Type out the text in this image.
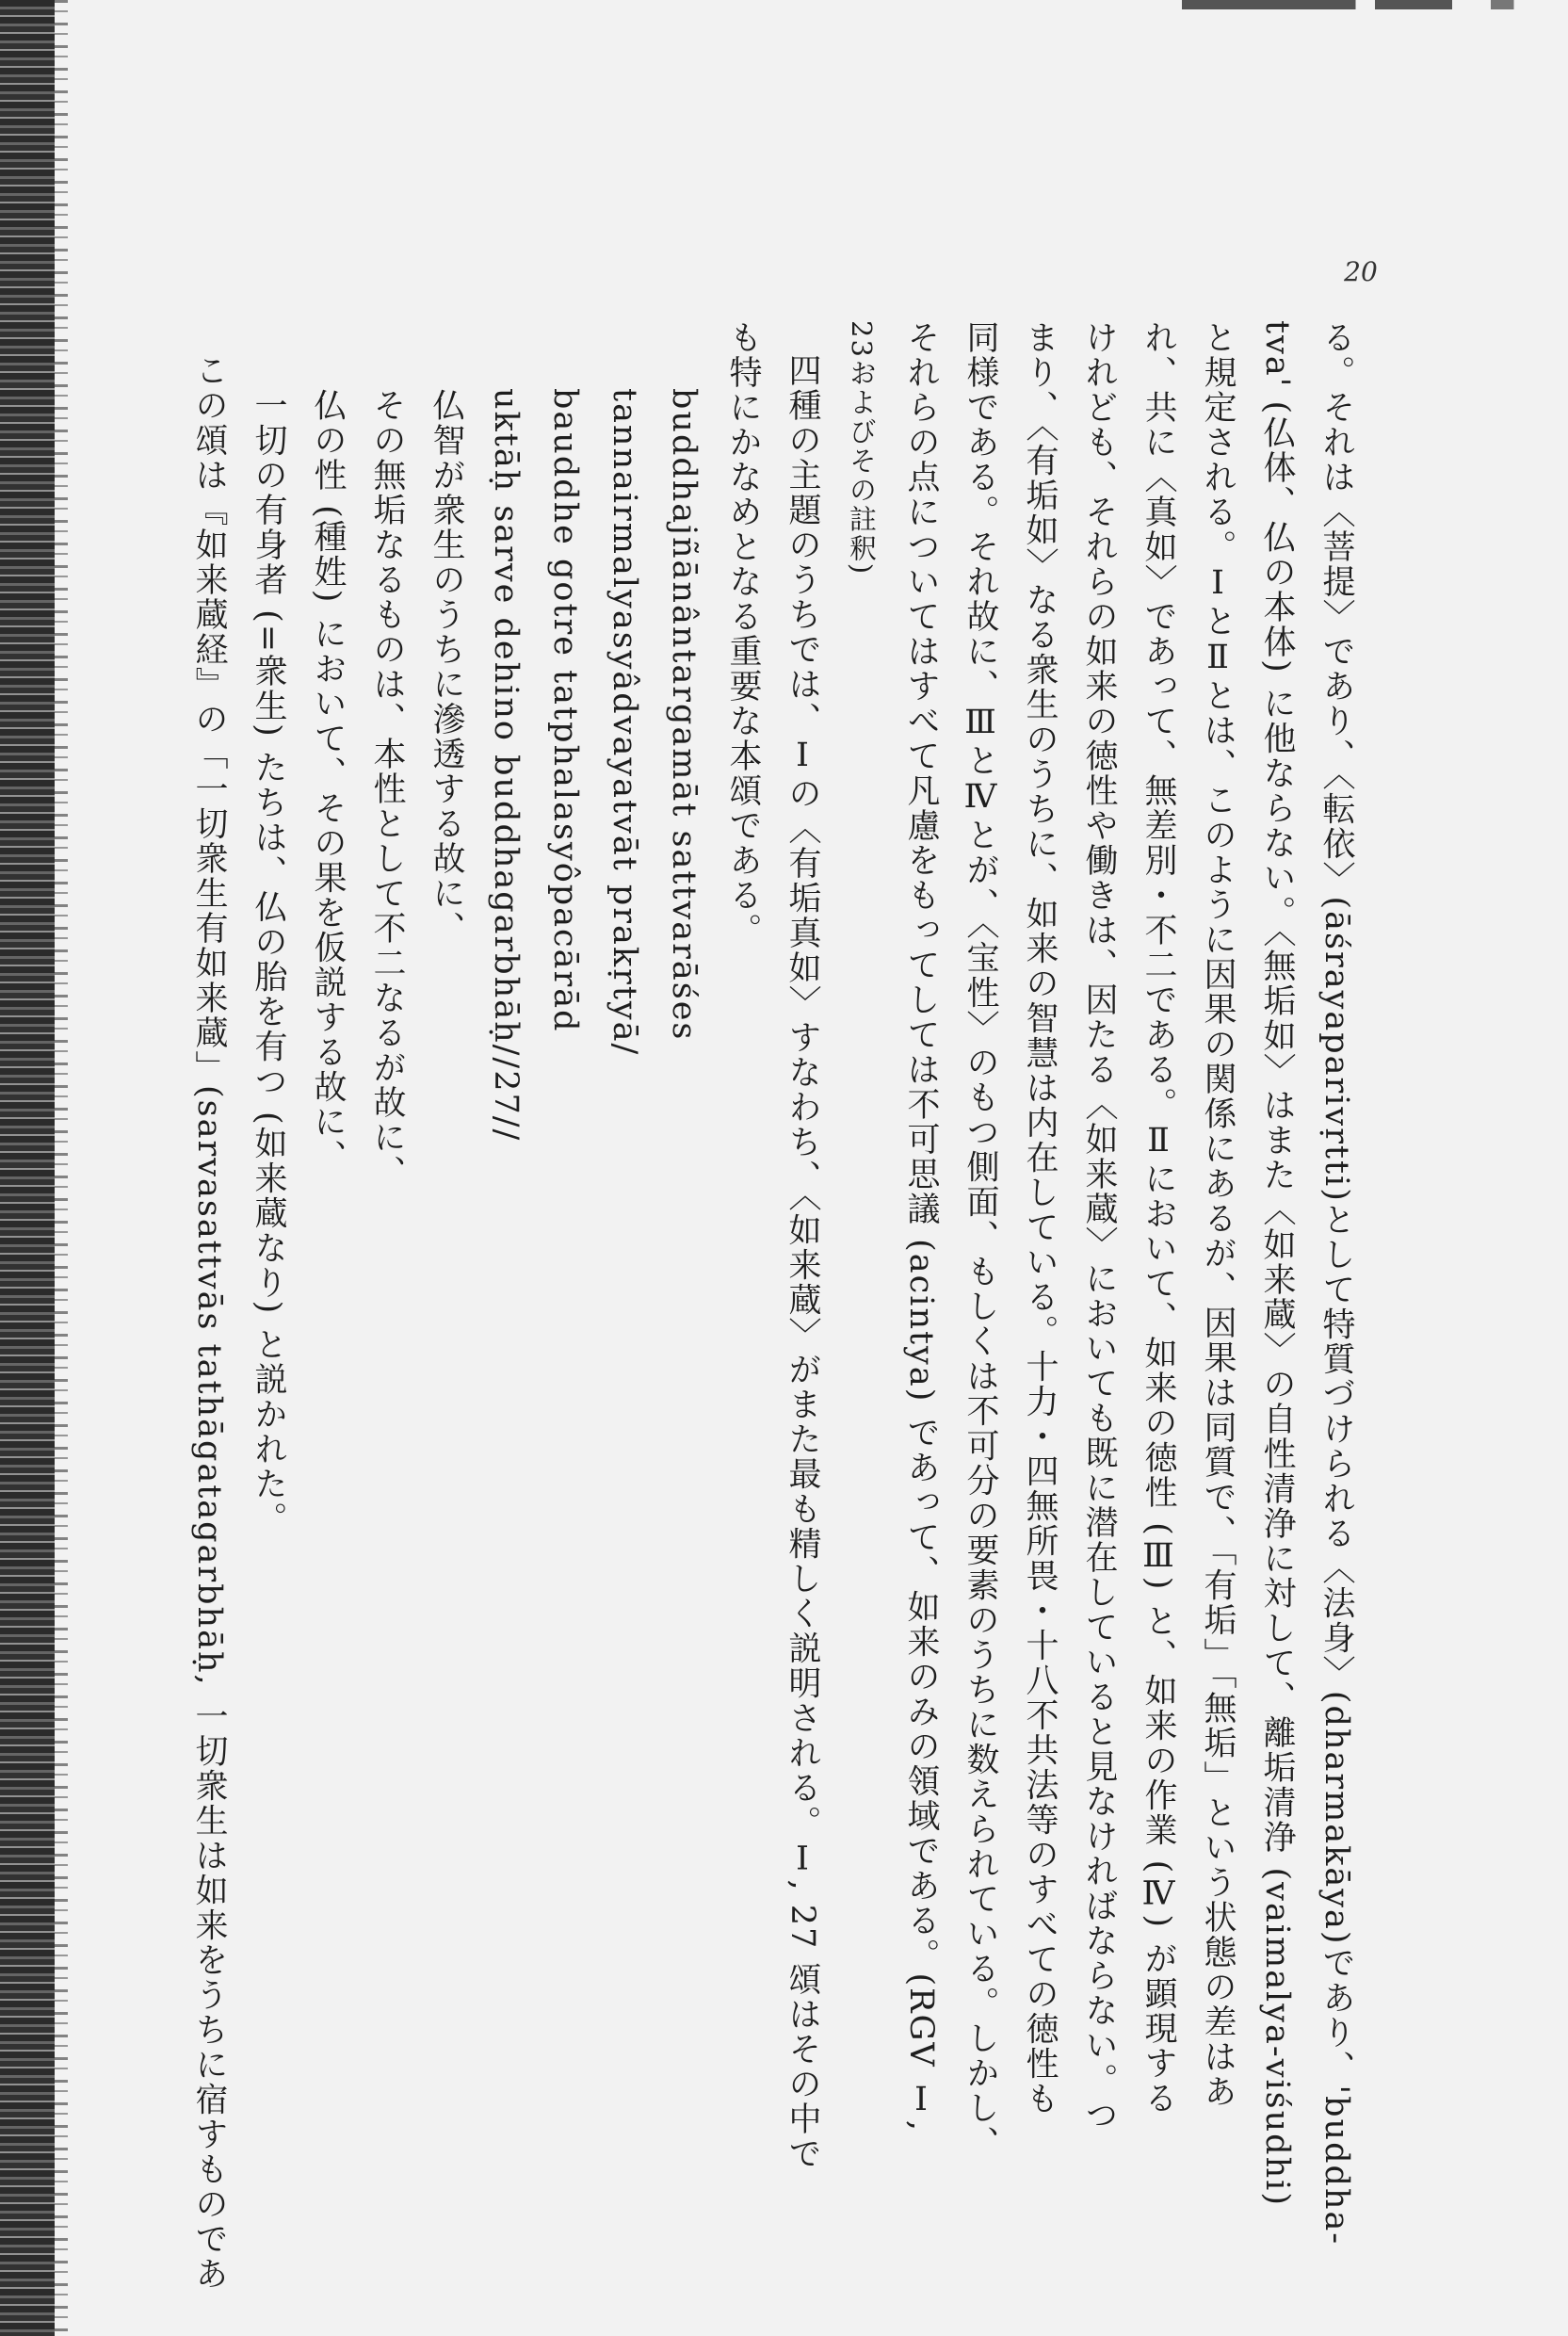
20
る。それは〈菩提〉であり、〈転依〉(āśrayaparivṛtti)として特質づけられる〈法身〉(dharmakāya)であり、'buddha-
tva' (仏体、仏の本体) に他ならない。〈無垢如〉はまた〈如来蔵〉の自性清浄に対して、離垢清浄 (vaimalya-viśudhi)
と規定される。ⅠとⅡとは、このように因果の関係にあるが、因果は同質で、「有垢」「無垢」という状態の差はあ
れ、共に〈真如〉であって、無差別・不二である。Ⅱにおいて、如来の徳性 (Ⅲ) と、如来の作業 (Ⅳ) が顕現する
けれども、それらの如来の徳性や働きは、因たる〈如来蔵〉においても既に潜在していると見なければならない。つ
まり、〈有垢如〉なる衆生のうちに、如来の智慧は内在している。十力・四無所畏・十八不共法等のすべての徳性も
同様である。それ故に、ⅢとⅣとが、〈宝性〉のもつ側面、もしくは不可分の要素のうちに数えられている。しかし、
それらの点についてはすべて凡慮をもってしては不可思議 (acintya) であって、如来のみの領域である。(RGV Ⅰ,
23およびその註釈)
四種の主題のうちでは、Ⅰの〈有垢真如〉すなわち、〈如来蔵〉がまた最も精しく説明される。Ⅰ, 27 頌はその中で
も特にかなめとなる重要な本頌である。
buddhajñānântargamāt sattvarāśes
tannairmalyasyâdvayatvāt prakṛtyā/
bauddhe gotre tatphalasyôpacārād
uktāḥ sarve dehino buddhagarbhāḥ//27//
仏智が衆生のうちに滲透する故に、
その無垢なるものは、本性として不二なるが故に、
仏の性 (種姓) において、その果を仮説する故に、
一切の有身者 (=衆生) たちは、仏の胎を有つ (如来蔵なり) と説かれた。
この頌は『如来蔵経』の「一切衆生有如来蔵」(sarvasattvās tathāgatagarbhāḥ, 一切衆生は如来をうちに宿すものであ
